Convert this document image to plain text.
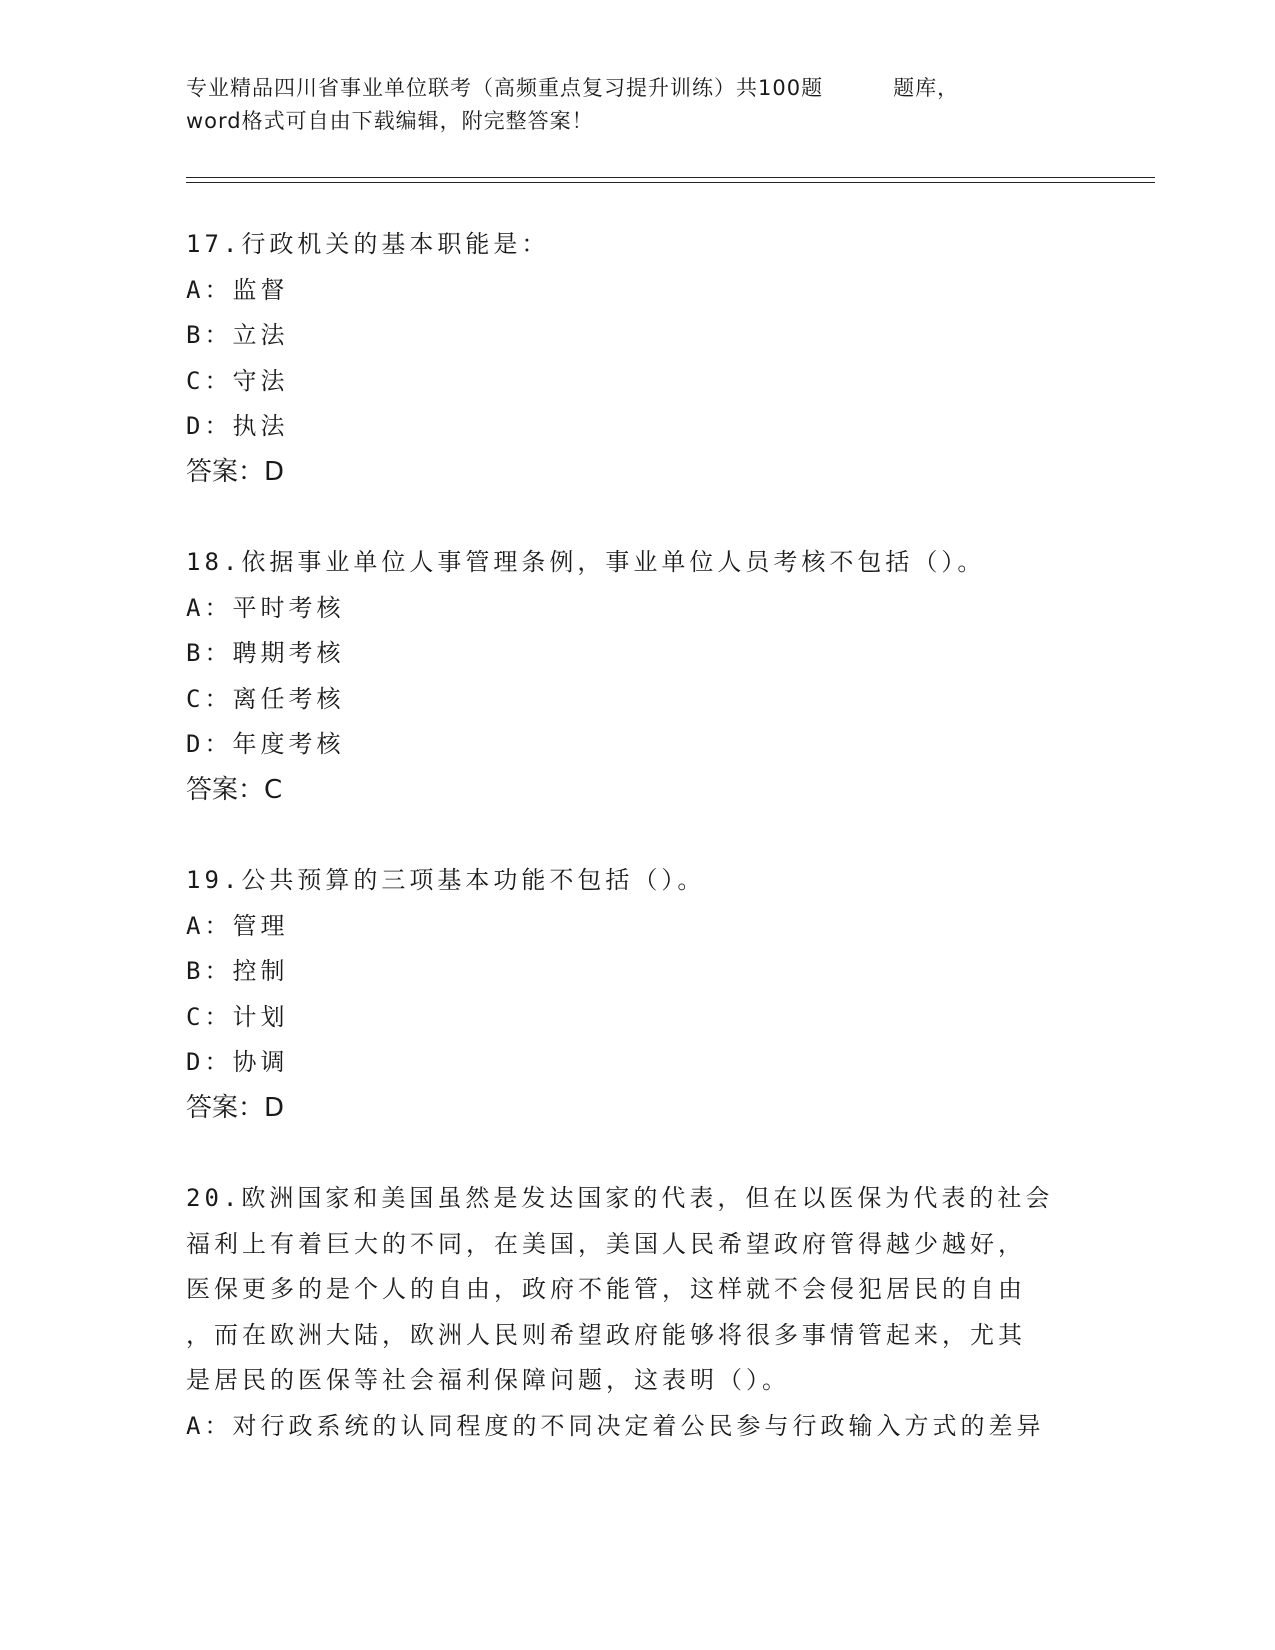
专业精品四川省事业单位联考（高频重点复习提升训练）共100题	题库，
word格式可自由下载编辑，附完整答案！
17.行政机关的基本职能是：
A：监督
B：立法
C：守法
D：执法
答案：D
18.依据事业单位人事管理条例，事业单位人员考核不包括（）。
A：平时考核
B：聘期考核
C：离任考核
D：年度考核
答案：C
19.公共预算的三项基本功能不包括（）。
A：管理
B：控制
C：计划
D：协调
答案：D
20.欧洲国家和美国虽然是发达国家的代表，但在以医保为代表的社会
福利上有着巨大的不同，在美国，美国人民希望政府管得越少越好，
医保更多的是个人的自由，政府不能管，这样就不会侵犯居民的自由
，而在欧洲大陆，欧洲人民则希望政府能够将很多事情管起来，尤其
是居民的医保等社会福利保障问题，这表明（）。
A：对行政系统的认同程度的不同决定着公民参与行政输入方式的差异
